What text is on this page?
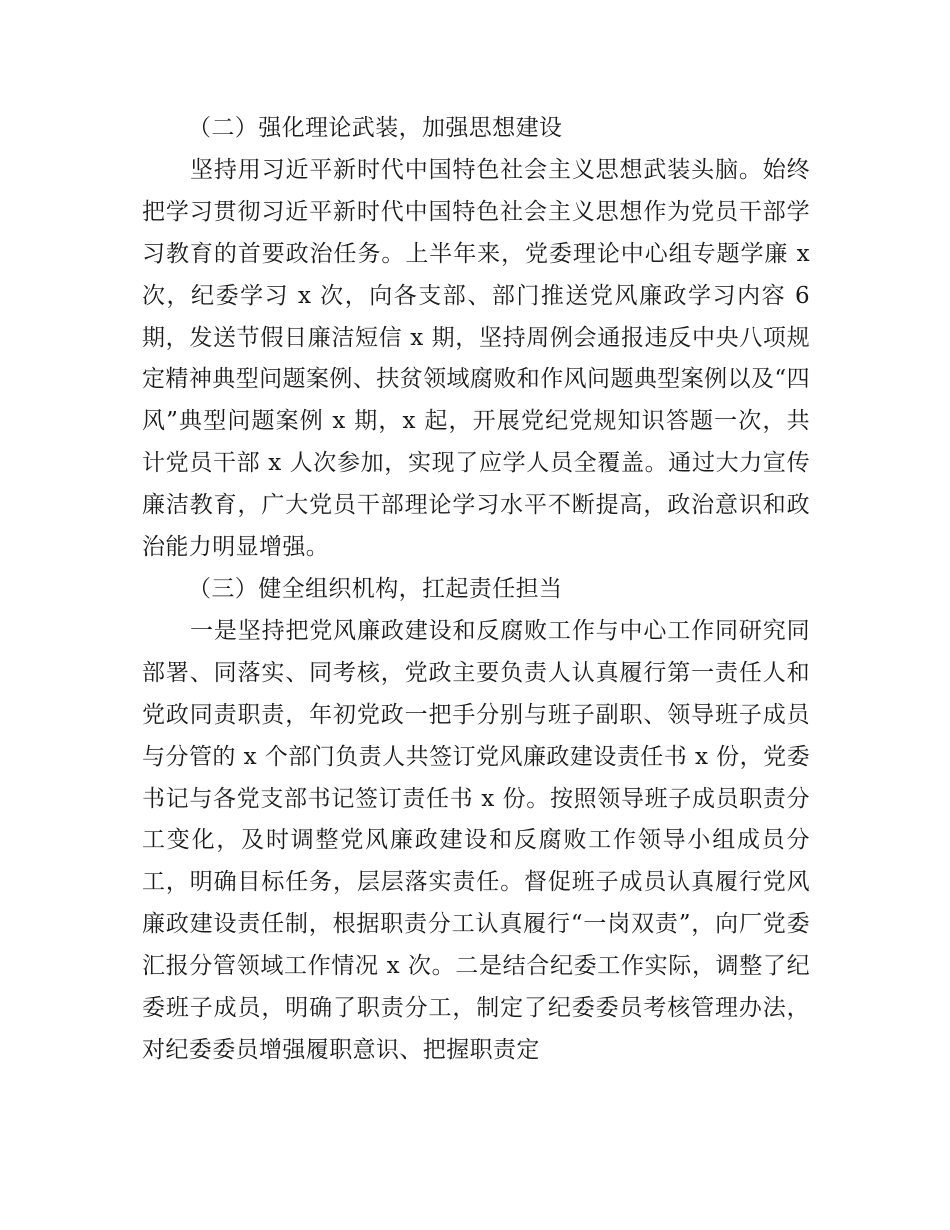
（二）强化理论武装，加强思想建设

坚持用习近平新时代中国特色社会主义思想武装头脑。始终把学习贯彻习近平新时代中国特色社会主义思想作为党员干部学习教育的首要政治任务。上半年来，党委理论中心组专题学廉 x 次，纪委学习 x 次，向各支部、部门推送党风廉政学习内容 6 期，发送节假日廉洁短信 x 期，坚持周例会通报违反中央八项规定精神典型问题案例、扶贫领域腐败和作风问题典型案例以及“四风”典型问题案例 x 期，x 起，开展党纪党规知识答题一次，共计党员干部 x 人次参加，实现了应学人员全覆盖。通过大力宣传廉洁教育，广大党员干部理论学习水平不断提高，政治意识和政治能力明显增强。

（三）健全组织机构，扛起责任担当

一是坚持把党风廉政建设和反腐败工作与中心工作同研究同部署、同落实、同考核，党政主要负责人认真履行第一责任人和党政同责职责，年初党政一把手分别与班子副职、领导班子成员与分管的 x 个部门负责人共签订党风廉政建设责任书 x 份，党委书记与各党支部书记签订责任书 x 份。按照领导班子成员职责分工变化，及时调整党风廉政建设和反腐败工作领导小组成员分工，明确目标任务，层层落实责任。督促班子成员认真履行党风廉政建设责任制，根据职责分工认真履行“一岗双责”，向厂党委汇报分管领域工作情况 x 次。二是结合纪委工作实际，调整了纪委班子成员，明确了职责分工，制定了纪委委员考核管理办法，对纪委委员增强履职意识、把握职责定
